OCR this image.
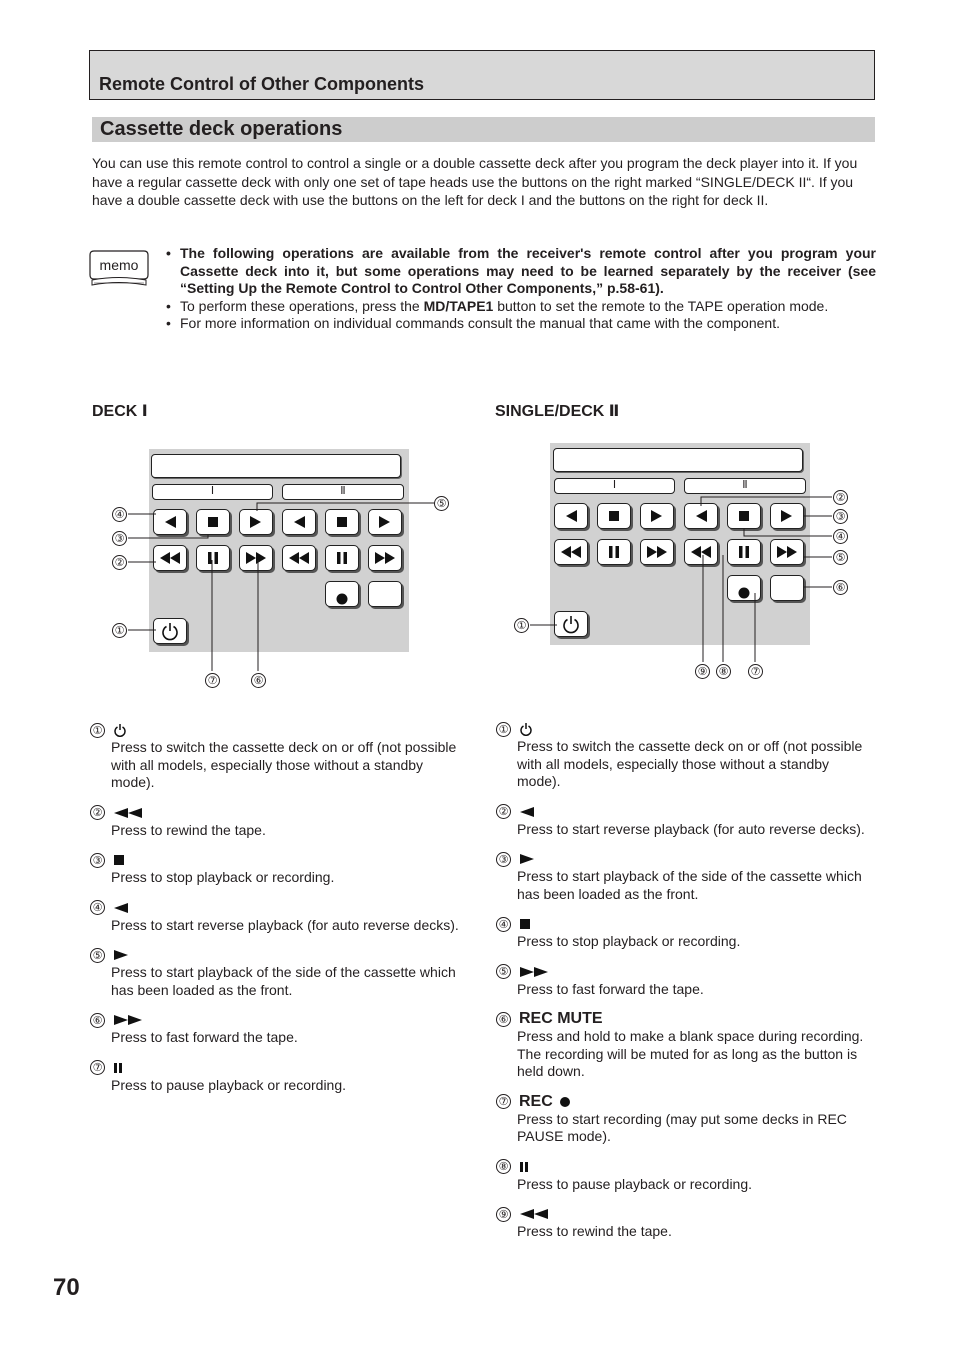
Remote Control of Other Components
Cassette deck operations
You can use this remote control to control a single or a double cassette deck after you program the deck player into it. If you have a regular cassette deck with only one set of tape heads use the buttons on the right marked “SINGLE/DECK II“. If you have a double cassette deck with use the buttons on the left for deck I and the buttons on the right for deck II.
memo
• The following operations are available from the receiver's remote control after you program your Cassette deck into it, but some operations may need to be learned separately by the receiver (see “Setting Up the Remote Control to Control Other Components,” p.58-61).
• To perform these operations, press the MD/TAPE1 button to set the remote to the TAPE operation mode.
• For more information on individual commands consult the manual that came with the component.
DECK Ⅰ
Ⅰ	Ⅱ
④
③
②
①
⑤
⑦	⑥
SINGLE/DECK Ⅱ
Ⅰ	Ⅱ
②
③
④
⑤
⑥
①
⑨ ⑧ ⑦
①
Press to switch the cassette deck on or off (not possible with all models, especially those without a standby mode).
②
Press to rewind the tape.
③
Press to stop playback or recording.
④
Press to start reverse playback (for auto reverse decks).
⑤
Press to start playback of the side of the cassette which has been loaded as the front.
⑥
Press to fast forward the tape.
⑦
Press to pause playback or recording.
①
Press to switch the cassette deck on or off (not possible with all models, especially those without a standby mode).
②
Press to start reverse playback (for auto reverse decks).
③
Press to start playback of the side of the cassette which has been loaded as the front.
④
Press to stop playback or recording.
⑤
Press to fast forward the tape.
⑥ REC MUTE
Press and hold to make a blank space during recording. The recording will be muted for as long as the button is held down.
⑦ REC
Press to start recording (may put some decks in REC PAUSE mode).
⑧
Press to pause playback or recording.
⑨
Press to rewind the tape.
70
